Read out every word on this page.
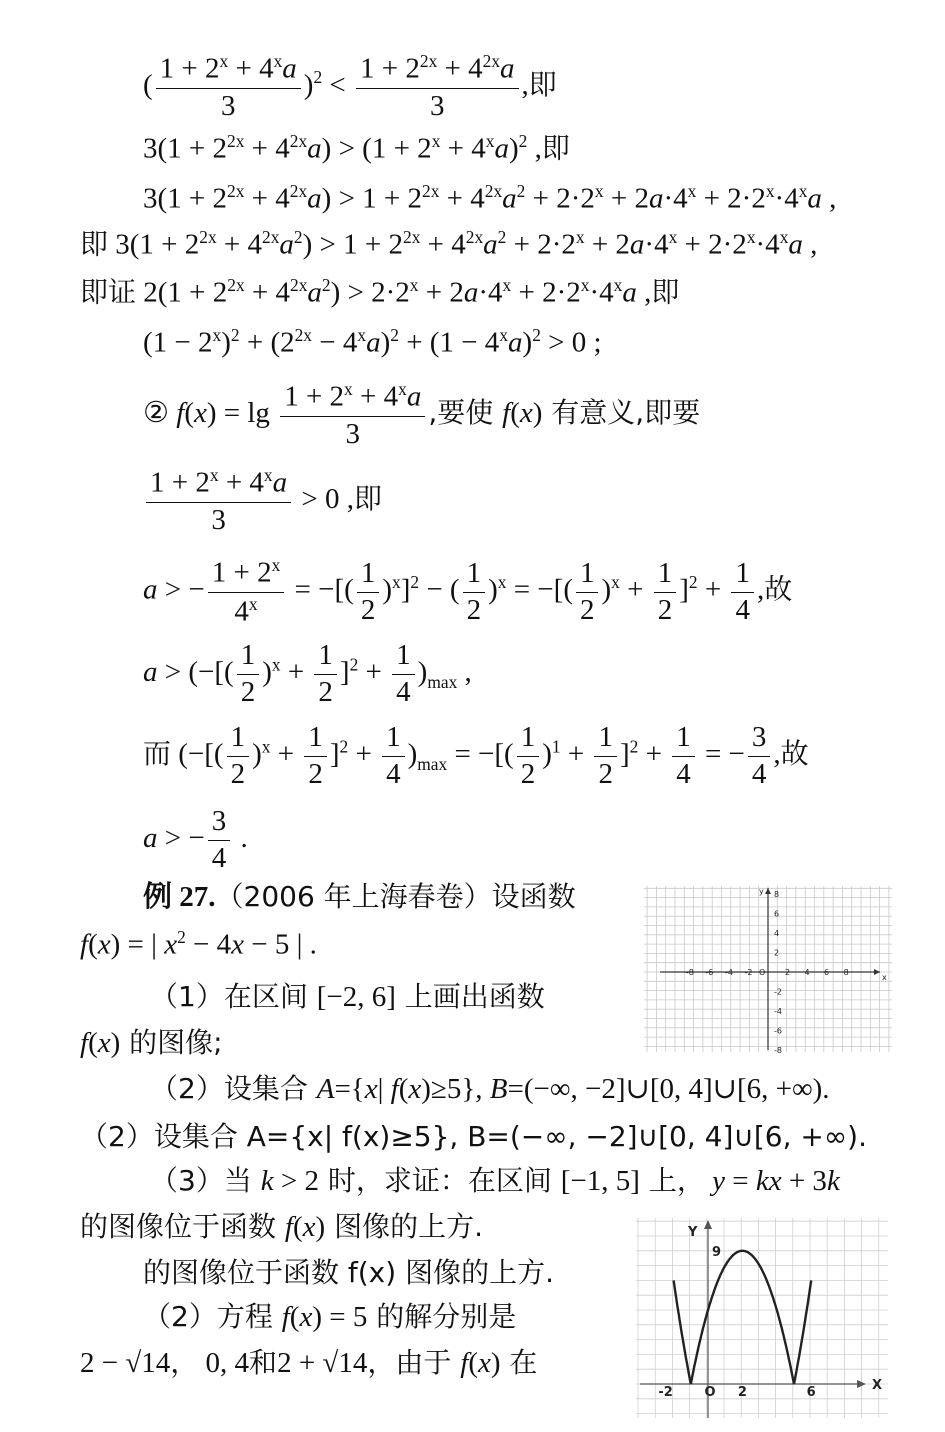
( $\frac{1 + 2^x + 4^xa}{3} )^2 < \frac{1 + 2^{2x} + 4^{2x}a}{3}$ ,即
$3(1 + 2^{2x} + 4^{2x}a) > (1 + 2^x + 4^xa)^2$ ,即
$3(1 + 2^{2x} + 4^{2x}a) > 1 + 2^{2x} + 4^{2x}a^2 + 2\cdot 2^x + 2a\cdot 4^x + 2\cdot 2^x\cdot 4^xa$ ,
即 $3(1 + 2^{2x} + 4^{2x}a^2) > 1 + 2^{2x} + 4^{2x}a^2 + 2\cdot 2^x + 2a\cdot 4^x + 2\cdot 2^x\cdot 4^xa$ ,
即证 $2(1 + 2^{2x} + 4^{2x}a^2) > 2\cdot 2^x + 2a\cdot 4^x + 2\cdot 2^x\cdot 4^xa$ ,即
$(1 - 2^x)^2 + (2^{2x} - 4^xa)^2 + (1 - 4^xa)^2 > 0$ ;
② $f(x) = \lg \frac{1 + 2^x + 4^xa}{3}$ ,要使 f(x) 有意义,即要
$\frac{1 + 2^x + 4^xa}{3} > 0$ ,即
a > − $\frac{1 + 2^x}{4^x}$ = −[( $\frac{1}{2} )^x]^2$ − ( $\frac{1}{2} )^x$ = −[( $\frac{1}{2} )^x + \frac{1}{2} ]^2 + \frac{1}{4}$ ,故
a > (−[( $\frac{1}{2} )^x + \frac{1}{2} ]^2 + \frac{1}{4} )_{max}$ ,
而 (−[( $\frac{1}{2} )^x + \frac{1}{2} ]^2 + \frac{1}{4} )_{max}$ = −[( $\frac{1}{2} )^1 + \frac{1}{2} ]^2 + \frac{1}{4}$ = − $\frac{3}{4}$ ,故
a > − $\frac{3}{4}$ .
例 27.（2006 年上海春卷）设函数
f(x) = | $x^2 - 4x - 5$ | .
（1）在区间 [−2, 6] 上画出函数
f(x) 的图像;
（2）设集合 A={x| f(x)≥5}, B=(−∞, −2]∪[0, 4]∪[6, +∞).
（2）设集合 A={x| f(x)≥5}, B=(−∞, −2]∪[0, 4]∪[6, +∞).
（3）当 k > 2 时，求证：在区间 [−1, 5] 上， y = kx + 3k
的图像位于函数 f(x) 图像的上方.
的图像位于函数 f(x) 图像的上方.
（2）方程 f(x) = 5 的解分别是
2 − √14， 0, 4和2 + √14，由于 f(x) 在
-8 -6 -4 -2	2 4 6 8
8
6
4
2
-2
-4
-6
-8
O
x
y
Y
X
O
9
-2	2	6
